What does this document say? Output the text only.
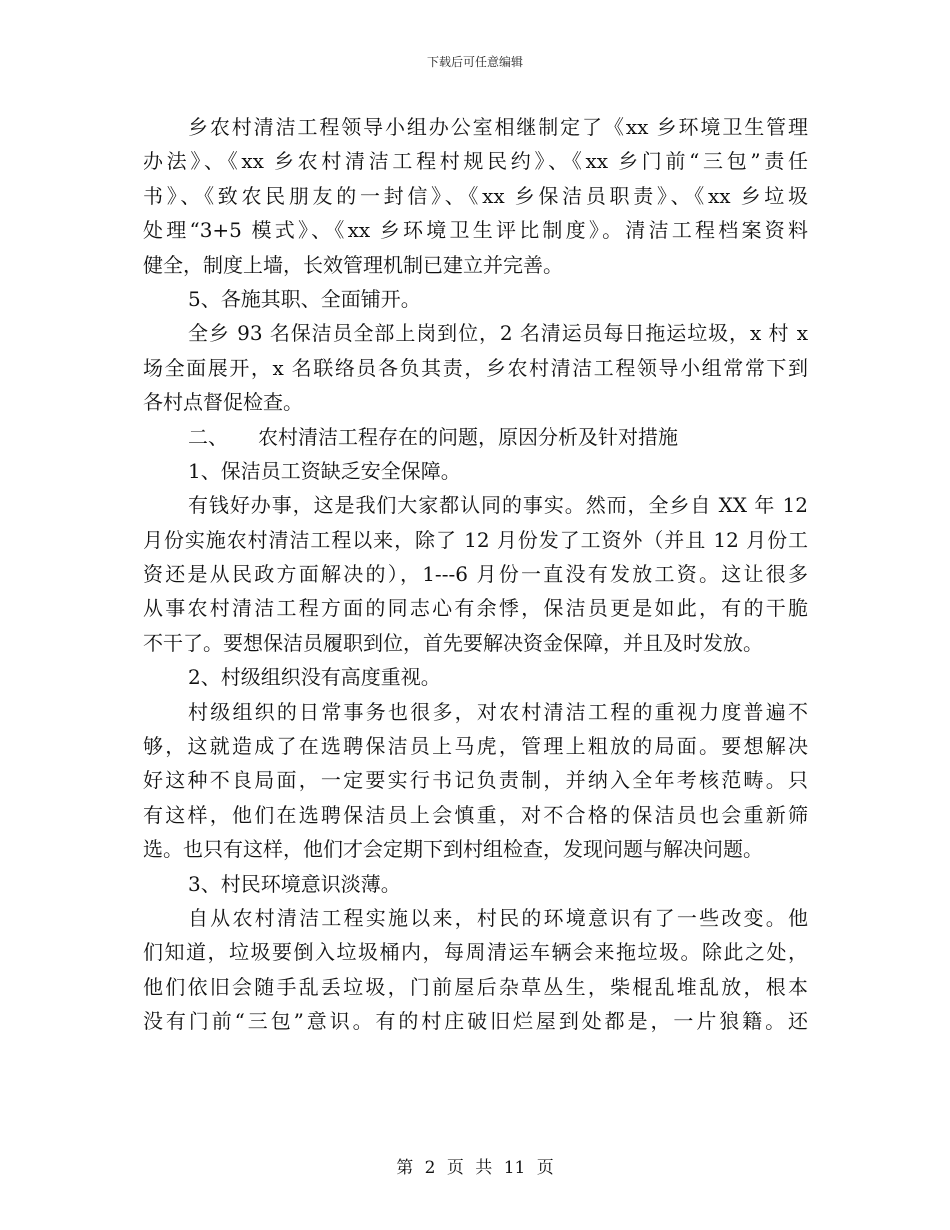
下载后可任意编辑
乡农村清洁工程领导小组办公室相继制定了《xx 乡环境卫生管理
办法》、《xx 乡农村清洁工程村规民约》、《xx 乡门前“三包”责任
书》、《致农民朋友的一封信》、《xx 乡保洁员职责》、《xx 乡垃圾
处理“3+5 模式》、《xx 乡环境卫生评比制度》。清洁工程档案资料
健全，制度上墙，长效管理机制已建立并完善。
5、各施其职、全面铺开。
全乡 93 名保洁员全部上岗到位，2 名清运员每日拖运垃圾，x 村 x
场全面展开，x 名联络员各负其责，乡农村清洁工程领导小组常常下到
各村点督促检查。
二、　　农村清洁工程存在的问题，原因分析及针对措施
1、保洁员工资缺乏安全保障。
有钱好办事，这是我们大家都认同的事实。然而，全乡自 XX 年 12
月份实施农村清洁工程以来，除了 12 月份发了工资外（并且 12 月份工
资还是从民政方面解决的），1---6 月份一直没有发放工资。这让很多
从事农村清洁工程方面的同志心有余悸，保洁员更是如此，有的干脆
不干了。要想保洁员履职到位，首先要解决资金保障，并且及时发放。
2、村级组织没有高度重视。
村级组织的日常事务也很多，对农村清洁工程的重视力度普遍不
够，这就造成了在选聘保洁员上马虎，管理上粗放的局面。要想解决
好这种不良局面，一定要实行书记负责制，并纳入全年考核范畴。只
有这样，他们在选聘保洁员上会慎重，对不合格的保洁员也会重新筛
选。也只有这样，他们才会定期下到村组检查，发现问题与解决问题。
3、村民环境意识淡薄。
自从农村清洁工程实施以来，村民的环境意识有了一些改变。他
们知道，垃圾要倒入垃圾桶内，每周清运车辆会来拖垃圾。除此之处，
他们依旧会随手乱丢垃圾，门前屋后杂草丛生，柴棍乱堆乱放，根本
没有门前“三包”意识。有的村庄破旧烂屋到处都是，一片狼籍。还
第 2 页 共 11 页
